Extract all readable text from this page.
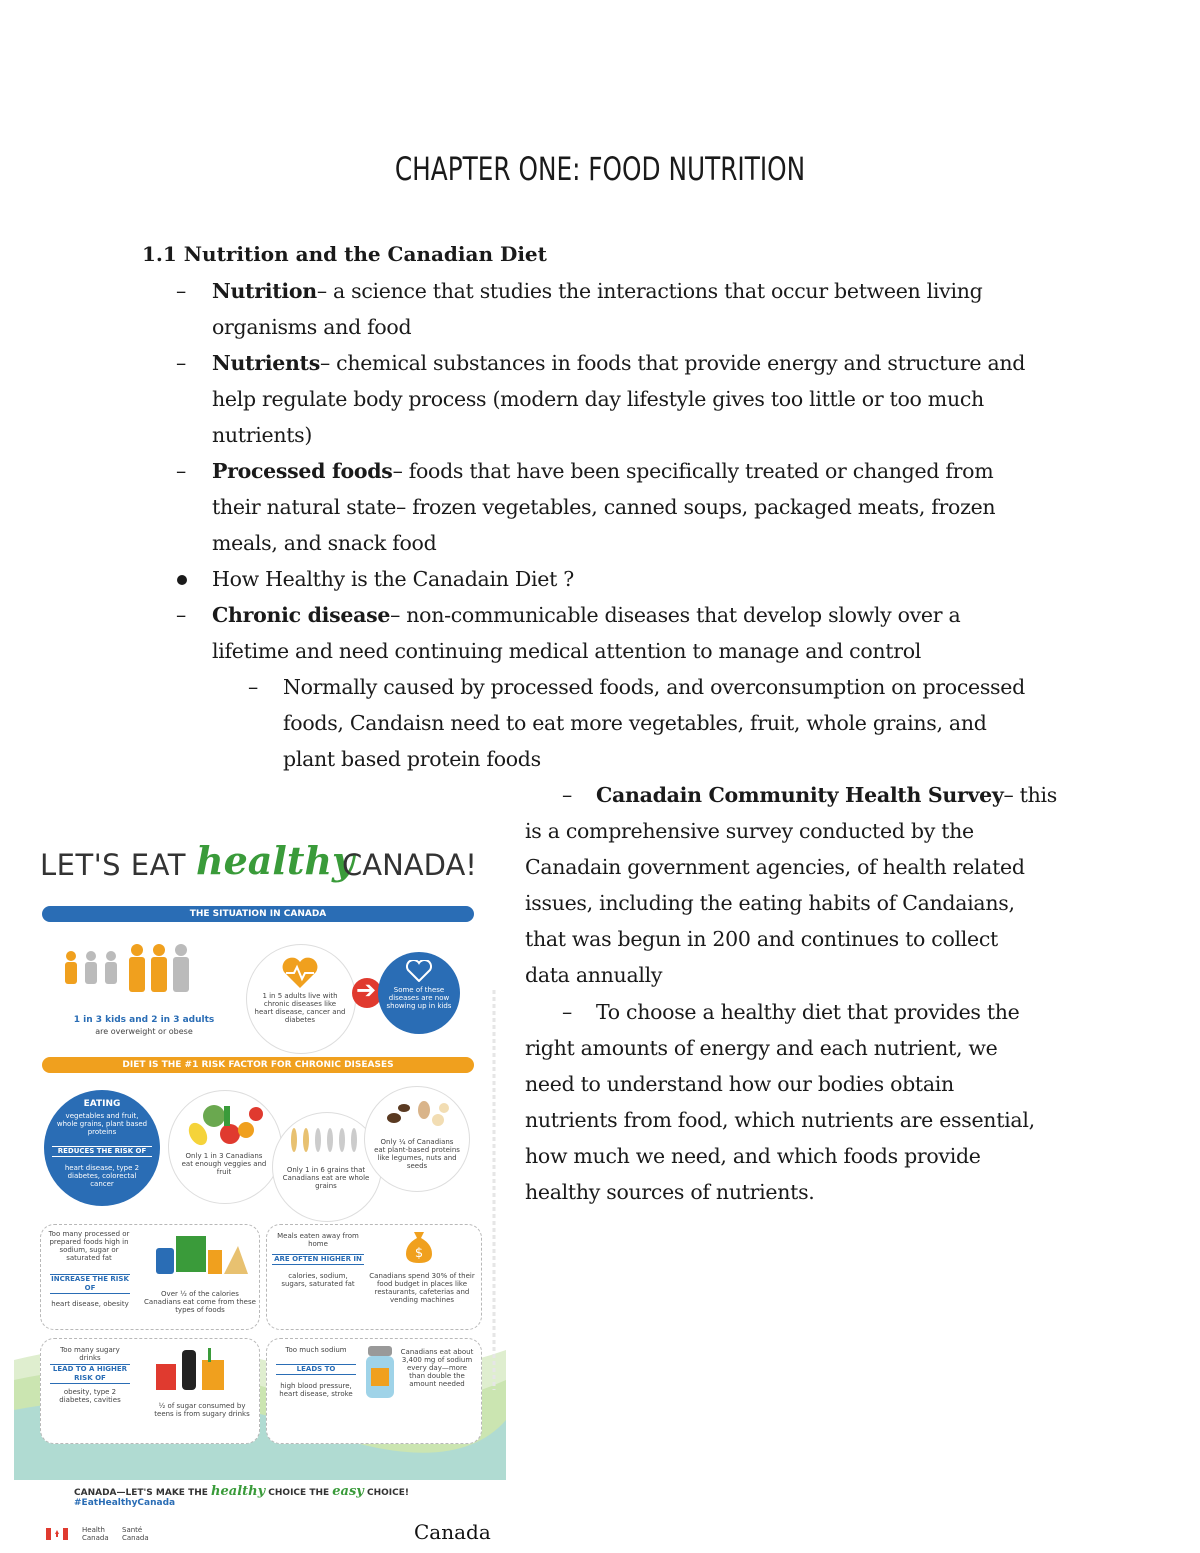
CHAPTER ONE: FOOD NUTRITION
1.1 Nutrition and the Canadian Diet
–	Nutrition– a science that studies the interactions that occur between living
organisms and food
–	Nutrients– chemical substances in foods that provide energy and structure and
help regulate body process (modern day lifestyle gives too little or too much
nutrients)
–	Processed foods– foods that have been specifically treated or changed from
their natural state– frozen vegetables, canned soups, packaged meats, frozen
meals, and snack food
How Healthy is the Canadain Diet ?
–	Chronic disease– non-communicable diseases that develop slowly over a
lifetime and need continuing medical attention to manage and control
–	Normally caused by processed foods, and overconsumption on processed
foods, Candaisn need to eat more vegetables, fruit, whole grains, and
plant based protein foods
–	Canadain Community Health Survey– this
is a comprehensive survey conducted by the
Canadain government agencies, of health related
issues, including the eating habits of Candaians,
that was begun in 200 and continues to collect
data annually
–	To choose a healthy diet that provides the
right amounts of energy and each nutrient, we
need to understand how our bodies obtain
nutrients from food, which nutrients are essential,
how much we need, and which foods provide
healthy sources of nutrients.
LET'S EAT healthy
CANADA!
THE SITUATION IN CANADA
1 in 3 kids and 2 in 3 adults
are overweight or obese
1 in 5 adults live with chronic diseases like heart disease, cancer and diabetes
➔	Some of these diseases are now showing up in kids
DIET IS THE #1 RISK FACTOR FOR CHRONIC DISEASES
EATING
vegetables and fruit, whole grains, plant based proteins
REDUCES THE RISK OF
heart disease, type 2 diabetes, colorectal cancer
Only 1 in 3 Canadians eat enough veggies and fruit	Only 1 in 6 grains that Canadians eat are whole grains
Only ¼ of Canadians eat plant-based proteins like legumes, nuts and seeds
Too many processed or prepared foods high in sodium, sugar or saturated fat
INCREASE THE RISK OF
heart disease, obesity
Over ½ of the calories Canadians eat come from these types of foods
Meals eaten away from home
ARE OFTEN HIGHER IN
calories, sodium, sugars, saturated fat
$
Canadians spend 30% of their food budget in places like restaurants, cafeterias and vending machines
Too many sugary drinks
LEAD TO A HIGHER RISK OF
obesity, type 2 diabetes, cavities
½ of sugar consumed by teens is from sugary drinks
Too much sodium
LEADS TO
high blood pressure, heart disease, stroke
Canadians eat about 3,400 mg of sodium every day—more than double the amount needed
CANADA—LET'S MAKE THE healthy CHOICE THE easy CHOICE!
#EatHealthyCanada
Health Canada
Santé Canada	Canada
